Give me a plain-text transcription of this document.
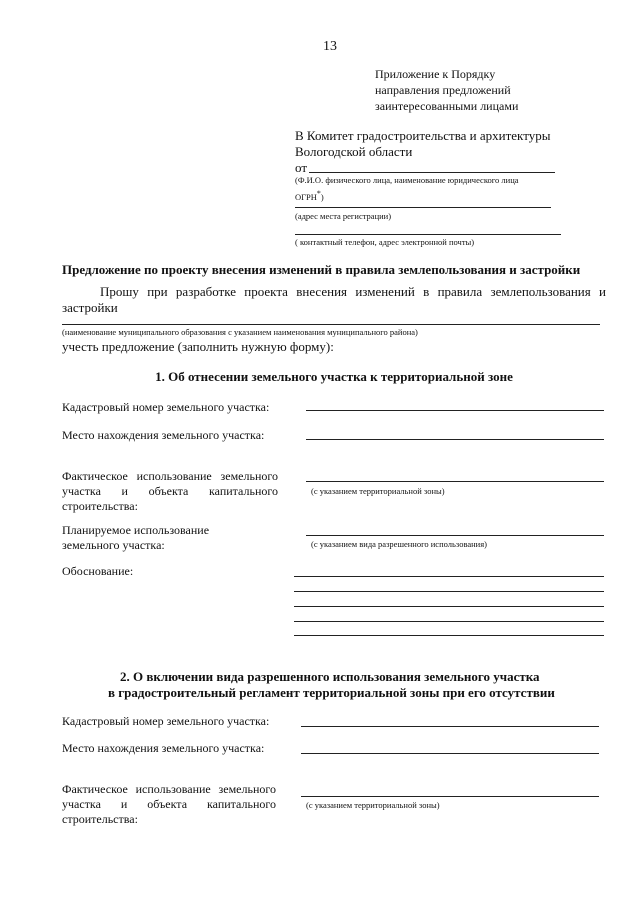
13
Приложение к Порядку
направления предложений
заинтересованными лицами
В Комитет градостроительства и архитектуры
Вологодской области
от
(Ф.И.О. физического лица, наименование юридического лица
ОГРН*)
(адрес места регистрации)
( контактный телефон, адрес электронной почты)
Предложение по проекту внесения изменений в правила землепользования и застройки
Прошу при разработке проекта внесения изменений в правила землепользования и
застройки
(наименование муниципального образования с указанием наименования муниципального района)
учесть предложение (заполнить нужную форму):
1. Об отнесении земельного участка к территориальной зоне
Кадастровый номер земельного участка:
Место нахождения земельного участка:
Фактическое использование земельного
участка и объекта капитального
строительства:
(с указанием территориальной зоны)
Планируемое использование
земельного участка:	(с указанием вида разрешенного использования)
Обоснование:
2. О включении вида разрешенного использования земельного участка
в градостроительный регламент территориальной зоны при его отсутствии
Кадастровый номер земельного участка:
Место нахождения земельного участка:
Фактическое использование земельного
участка и объекта капитального
строительства:
(с указанием территориальной зоны)
